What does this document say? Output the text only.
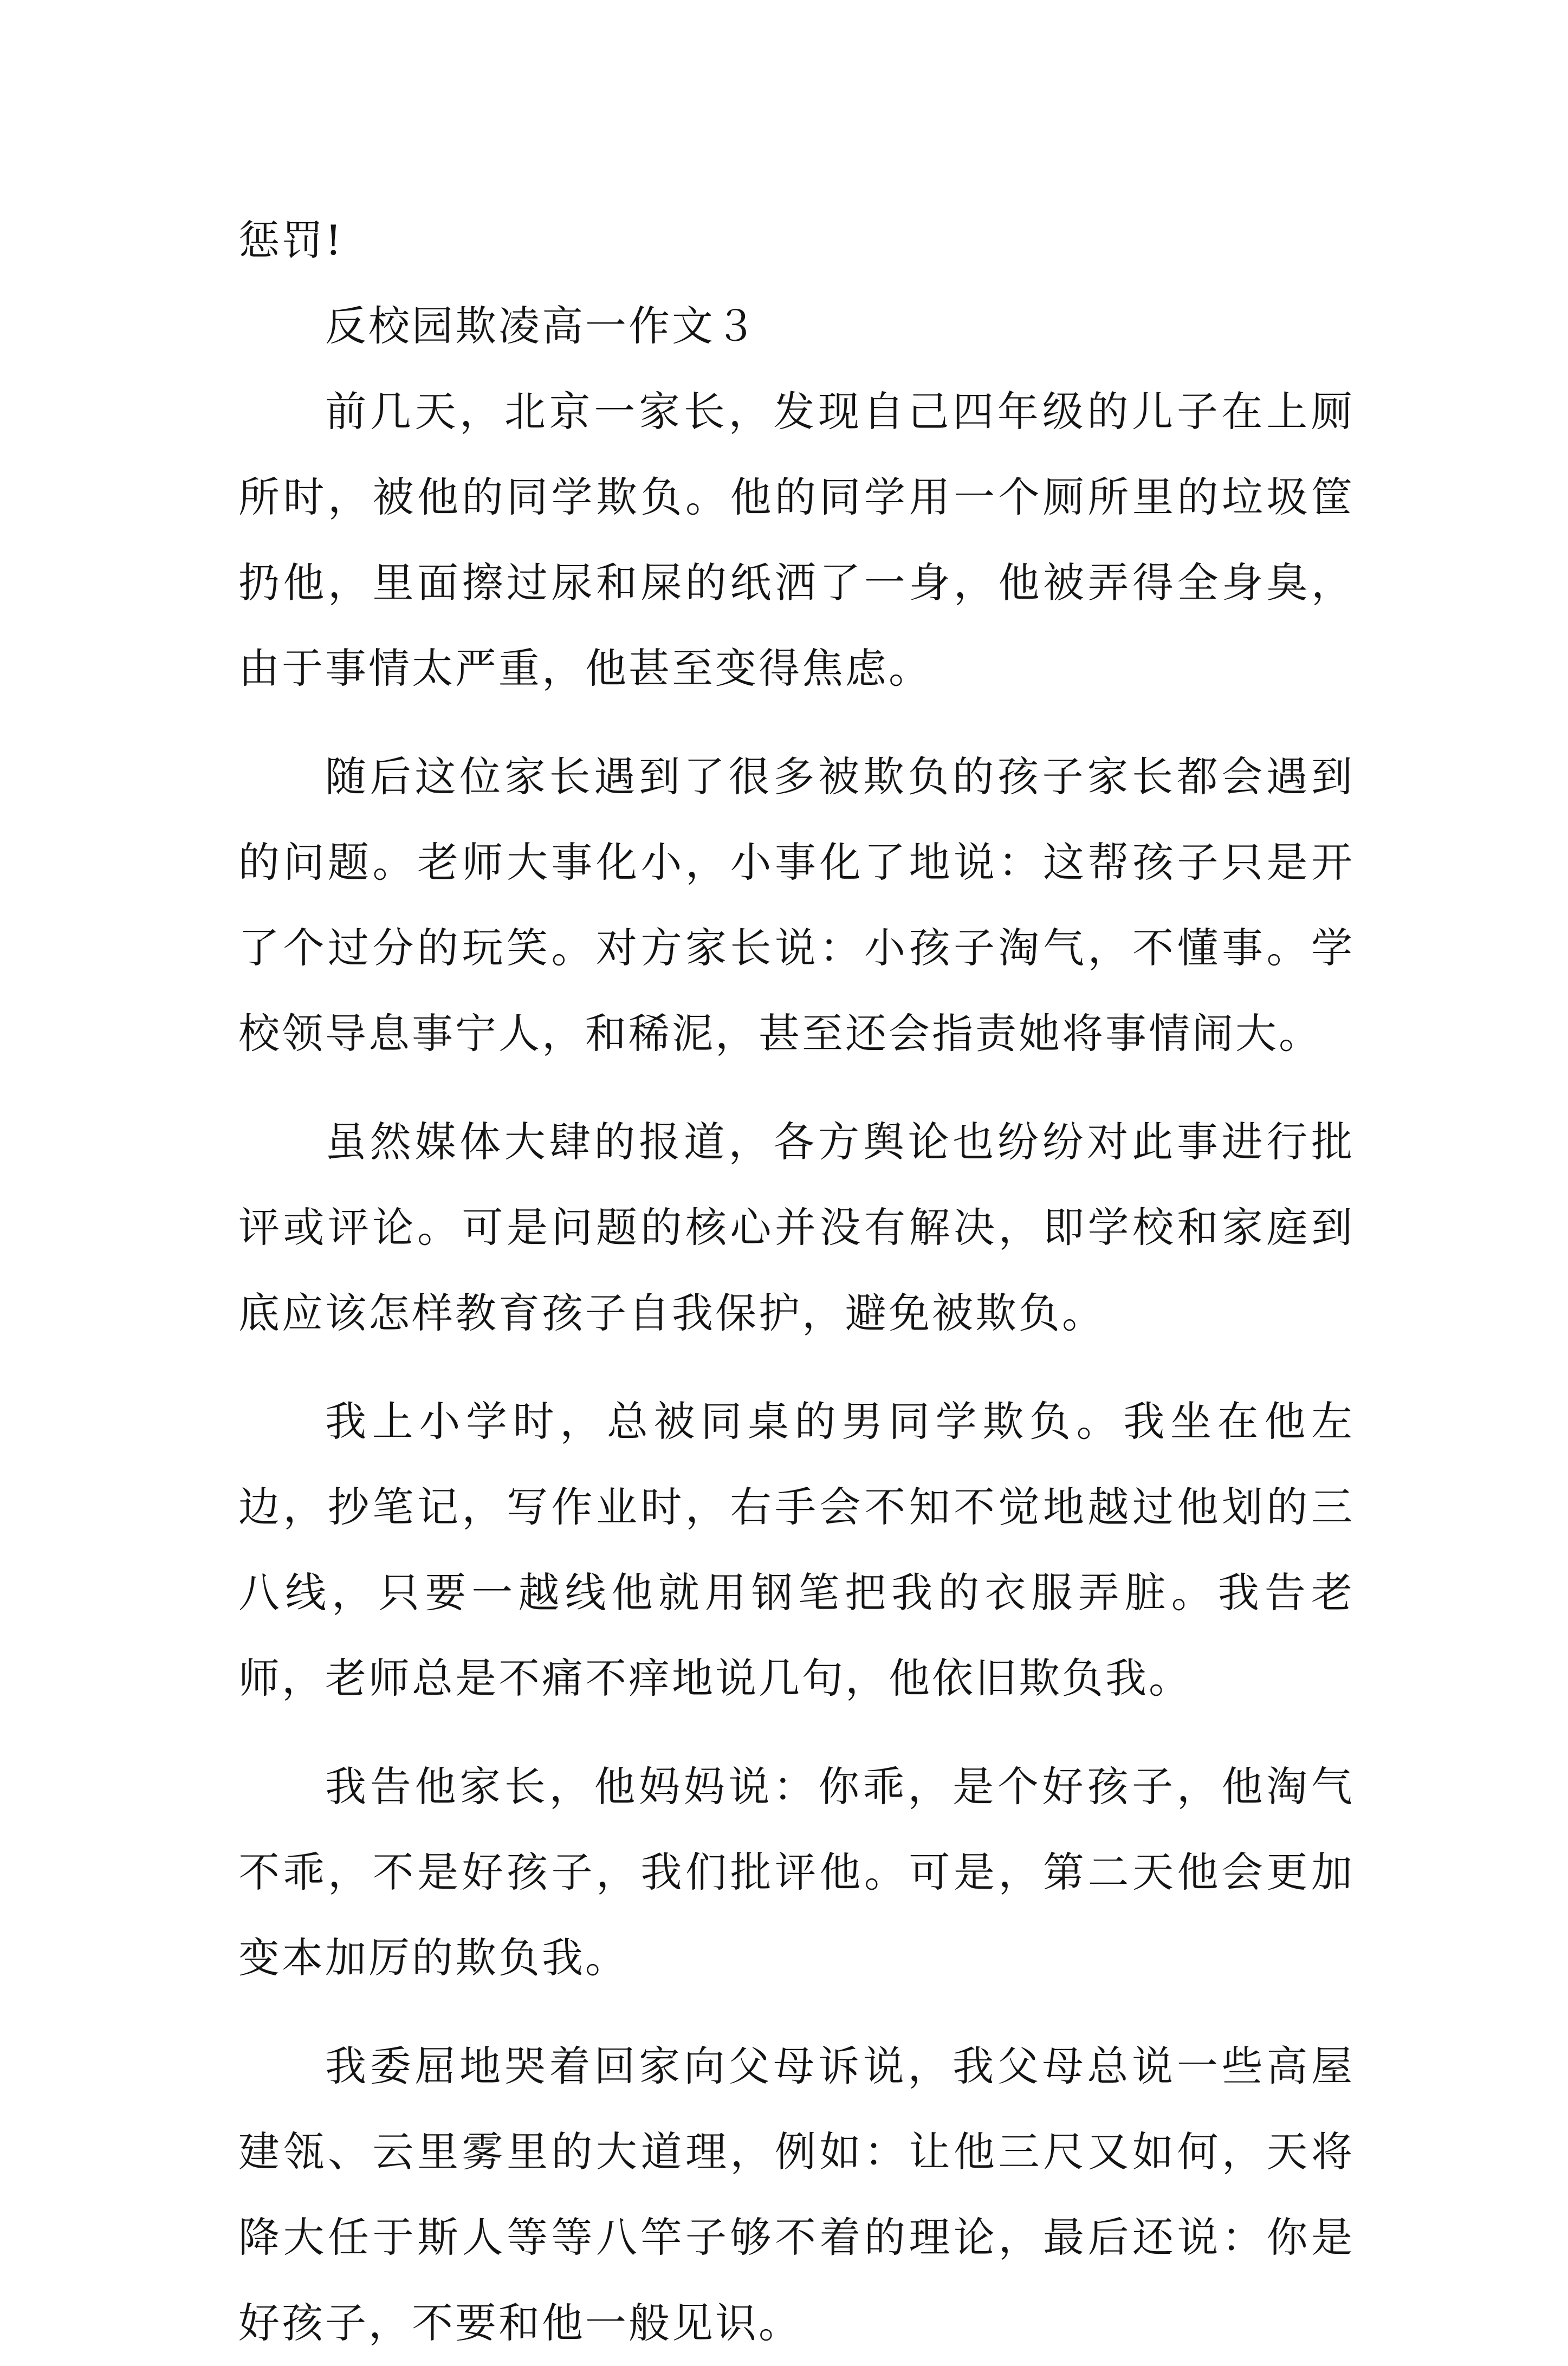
惩罚!

反校园欺凌高一作文３

前几天，北京一家长，发现自己四年级的儿子在上厕所时，被他的同学欺负。他的同学用一个厕所里的垃圾筐扔他，里面擦过尿和屎的纸洒了一身，他被弄得全身臭，由于事情太严重，他甚至变得焦虑。

随后这位家长遇到了很多被欺负的孩子家长都会遇到的问题。老师大事化小，小事化了地说：这帮孩子只是开了个过分的玩笑。对方家长说：小孩子淘气，不懂事。学校领导息事宁人，和稀泥，甚至还会指责她将事情闹大。

虽然媒体大肆的报道，各方舆论也纷纷对此事进行批评或评论。可是问题的核心并没有解决，即学校和家庭到底应该怎样教育孩子自我保护，避免被欺负。

我上小学时，总被同桌的男同学欺负。我坐在他左边，抄笔记，写作业时，右手会不知不觉地越过他划的三八线，只要一越线他就用钢笔把我的衣服弄脏。我告老师，老师总是不痛不痒地说几句，他依旧欺负我。

我告他家长，他妈妈说：你乖，是个好孩子，他淘气不乖，不是好孩子，我们批评他。可是，第二天他会更加变本加厉的欺负我。

我委屈地哭着回家向父母诉说，我父母总说一些高屋建瓴、云里雾里的大道理，例如：让他三尺又如何，天将降大任于斯人等等八竿子够不着的理论，最后还说：你是好孩子，不要和他一般见识。
